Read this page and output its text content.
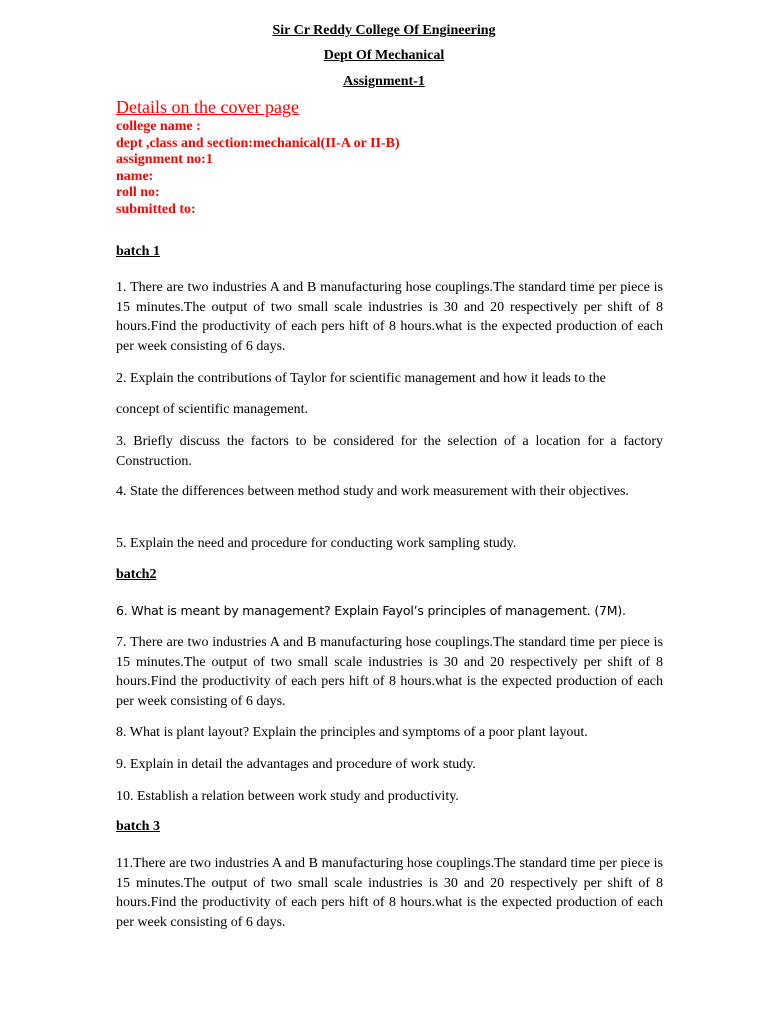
Sir Cr Reddy College Of Engineering
Dept Of Mechanical
Assignment-1
Details on the cover page
college name :
dept ,class and section:mechanical(II-A or II-B)
assignment no:1
name:
roll no:
submitted to:
batch 1

1. There are two industries A and B manufacturing hose couplings.The standard time per piece is 15 minutes.The output of two small scale industries is 30 and 20 respectively per shift of 8 hours.Find the productivity of each pers hift of 8 hours.what is the expected production of each per week consisting of 6 days.

2. Explain the contributions of Taylor for scientific management and how it leads to the

concept of scientific management.

3. Briefly discuss the factors to be considered for the selection of a location for a factory Construction.

4. State the differences between method study and work measurement with their objectives.

5. Explain the need and procedure for conducting work sampling study.

batch2

6. What is meant by management? Explain Fayol’s principles of management. (7M).

7. There are two industries A and B manufacturing hose couplings.The standard time per piece is 15 minutes.The output of two small scale industries is 30 and 20 respectively per shift of 8 hours.Find the productivity of each pers hift of 8 hours.what is the expected production of each per week consisting of 6 days.

8. What is plant layout? Explain the principles and symptoms of a poor plant layout.

9. Explain in detail the advantages and procedure of work study.

10. Establish a relation between work study and productivity.

batch 3

11.There are two industries A and B manufacturing hose couplings.The standard time per piece is 15 minutes.The output of two small scale industries is 30 and 20 respectively per shift of 8 hours.Find the productivity of each pers hift of 8 hours.what is the expected production of each per week consisting of 6 days.
